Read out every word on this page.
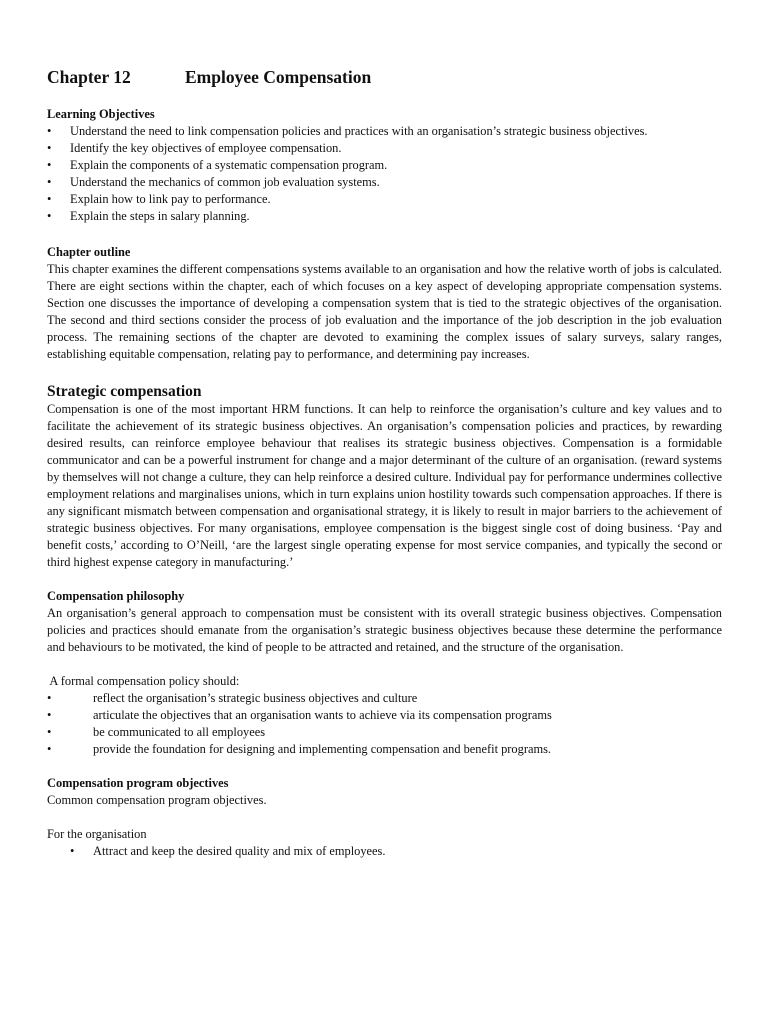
Chapter 12	Employee Compensation
Learning Objectives
•	Understand the need to link compensation policies and practices with an organisation’s strategic business objectives.
•	Identify the key objectives of employee compensation.
•	Explain the components of a systematic compensation program.
•	Understand the mechanics of common job evaluation systems.
•	Explain how to link pay to performance.
•	Explain the steps in salary planning.
Chapter outline

This chapter examines the different compensations systems available to an organisation and how the relative worth of jobs is calculated. There are eight sections within the chapter, each of which focuses on a key aspect of developing appropriate compensation systems. Section one discusses the importance of developing a compensation system that is tied to the strategic objectives of the organisation. The second and third sections consider the process of job evaluation and the importance of the job description in the job evaluation process. The remaining sections of the chapter are devoted to examining the complex issues of salary surveys, salary ranges, establishing equitable compensation, relating pay to performance, and determining pay increases.

Strategic compensation

Compensation is one of the most important HRM functions. It can help to reinforce the organisation’s culture and key values and to facilitate the achievement of its strategic business objectives. An organisation’s compensation policies and practices, by rewarding desired results, can reinforce employee behaviour that realises its strategic business objectives. Compensation is a formidable communicator and can be a powerful instrument for change and a major determinant of the culture of an organisation. (reward systems by themselves will not change a culture, they can help reinforce a desired culture. Individual pay for performance undermines collective employment relations and marginalises unions, which in turn explains union hostility towards such compensation approaches. If there is any significant mismatch between compensation and organisational strategy, it is likely to result in major barriers to the achievement of strategic business objectives. For many organisations, employee compensation is the biggest single cost of doing business. ‘Pay and benefit costs,’ according to O’Neill, ‘are the largest single operating expense for most service companies, and typically the second or third highest expense category in manufacturing.’

Compensation philosophy

An organisation’s general approach to compensation must be consistent with its overall strategic business objectives. Compensation policies and practices should emanate from the organisation’s strategic business objectives because these determine the performance and behaviours to be motivated, the kind of people to be attracted and retained, and the structure of the organisation.

A formal compensation policy should:

•	reflect the organisation’s strategic business objectives and culture
•	articulate the objectives that an organisation wants to achieve via its compensation programs
•	be communicated to all employees
•	provide the foundation for designing and implementing compensation and benefit programs.
Compensation program objectives

Common compensation program objectives.

For the organisation

•	Attract and keep the desired quality and mix of employees.
